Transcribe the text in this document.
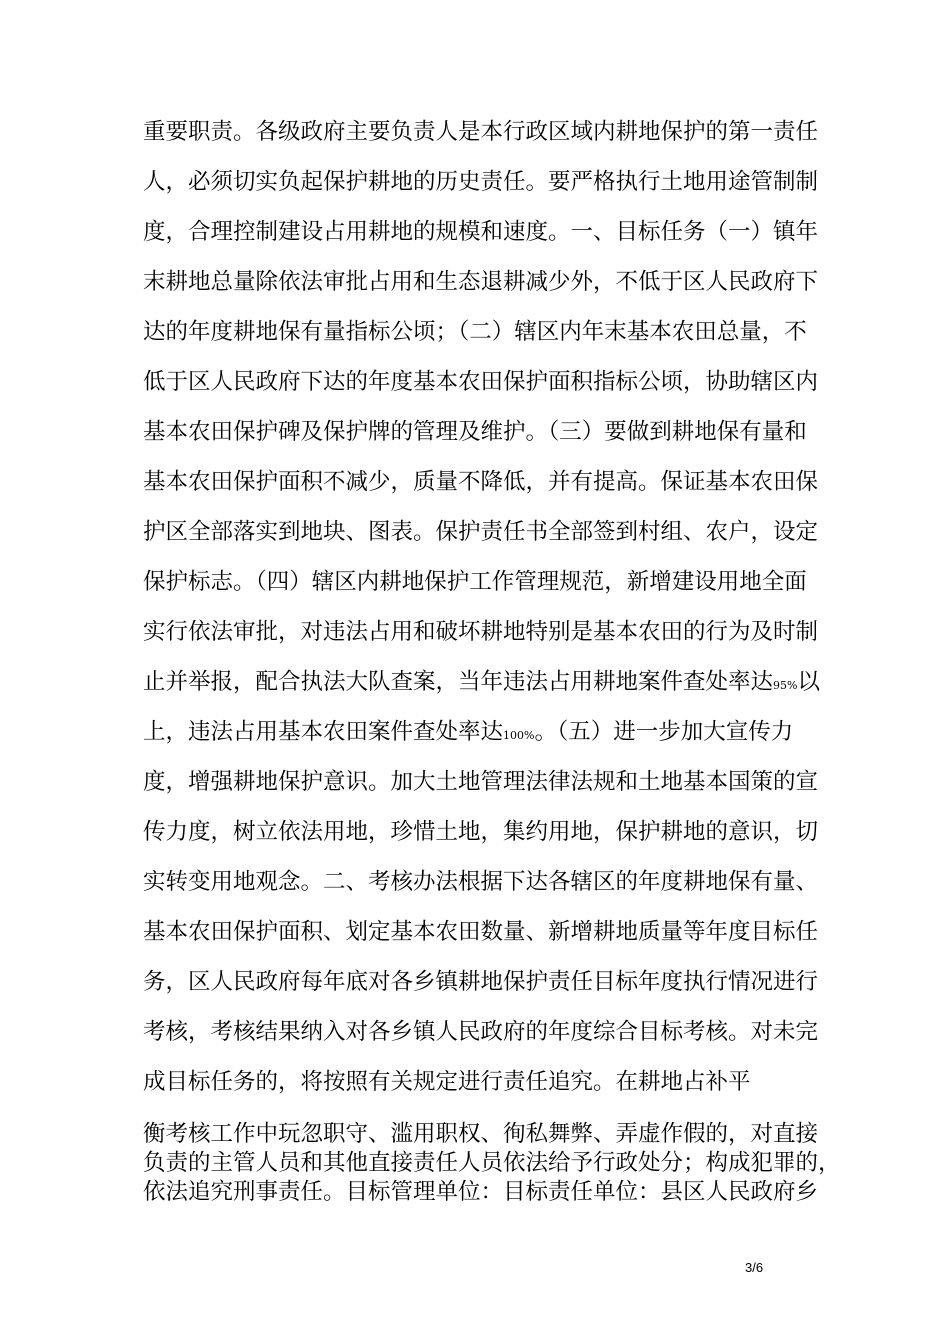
重要职责。各级政府主要负责人是本行政区域内耕地保护的第一责任
人，必须切实负起保护耕地的历史责任。要严格执行土地用途管制制
度，合理控制建设占用耕地的规模和速度。一、目标任务（一）镇年
末耕地总量除依法审批占用和生态退耕减少外，不低于区人民政府下
达的年度耕地保有量指标公顷；（二）辖区内年末基本农田总量，不
低于区人民政府下达的年度基本农田保护面积指标公顷，协助辖区内
基本农田保护碑及保护牌的管理及维护。（三）要做到耕地保有量和
基本农田保护面积不减少，质量不降低，并有提高。保证基本农田保
护区全部落实到地块、图表。保护责任书全部签到村组、农户，设定
保护标志。（四）辖区内耕地保护工作管理规范，新增建设用地全面
实行依法审批，对违法占用和破坏耕地特别是基本农田的行为及时制
止并举报，配合执法大队查案，当年违法占用耕地案件查处率达95%以
上，违法占用基本农田案件查处率达100%。（五）进一步加大宣传力
度，增强耕地保护意识。加大土地管理法律法规和土地基本国策的宣
传力度，树立依法用地，珍惜土地，集约用地，保护耕地的意识，切
实转变用地观念。二、考核办法根据下达各辖区的年度耕地保有量、
基本农田保护面积、划定基本农田数量、新增耕地质量等年度目标任
务，区人民政府每年底对各乡镇耕地保护责任目标年度执行情况进行
考核，考核结果纳入对各乡镇人民政府的年度综合目标考核。对未完
成目标任务的，将按照有关规定进行责任追究。在耕地占补平
衡考核工作中玩忽职守、滥用职权、徇私舞弊、弄虚作假的，对直接
负责的主管人员和其他直接责任人员依法给予行政处分；构成犯罪的，
依法追究刑事责任。目标管理单位：目标责任单位：县区人民政府乡
3/6
